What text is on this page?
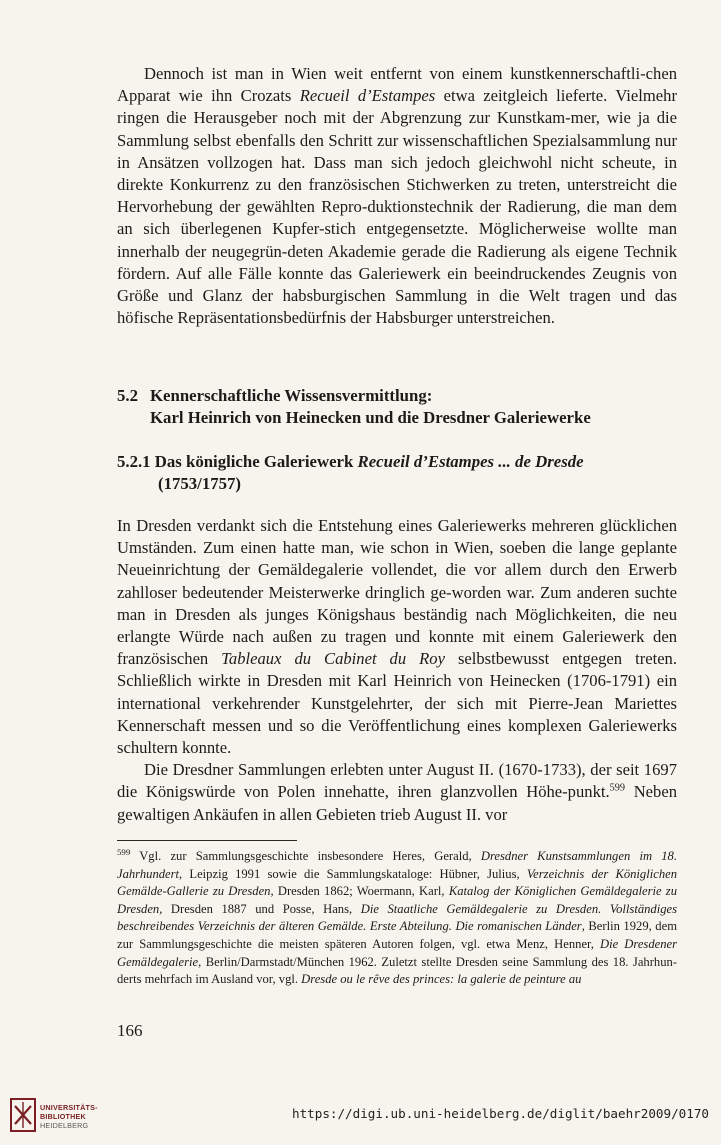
Dennoch ist man in Wien weit entfernt von einem kunstkennerschaftli-chen Apparat wie ihn Crozats Recueil d’Estampes etwa zeitgleich lieferte. Vielmehr ringen die Herausgeber noch mit der Abgrenzung zur Kunstkam-mer, wie ja die Sammlung selbst ebenfalls den Schritt zur wissenschaftlichen Spezialsammlung nur in Ansätzen vollzogen hat. Dass man sich jedoch gleichwohl nicht scheute, in direkte Konkurrenz zu den französischen Stichwerken zu treten, unterstreicht die Hervorhebung der gewählten Repro-duktionstechnik der Radierung, die man dem an sich überlegenen Kupfer-stich entgegensetzte. Möglicherweise wollte man innerhalb der neugegrün-deten Akademie gerade die Radierung als eigene Technik fördern. Auf alle Fälle konnte das Galeriewerk ein beeindruckendes Zeugnis von Größe und Glanz der habsburgischen Sammlung in die Welt tragen und das höfische Repräsentationsbedürfnis der Habsburger unterstreichen.

5.2 Kennerschaftliche Wissensvermittlung:
Karl Heinrich von Heinecken und die Dresdner Galeriewerke
5.2.1 Das königliche Galeriewerk Recueil d’Estampes ... de Dresde
(1753/1757)

In Dresden verdankt sich die Entstehung eines Galeriewerks mehreren glücklichen Umständen. Zum einen hatte man, wie schon in Wien, soeben die lange geplante Neueinrichtung der Gemäldegalerie vollendet, die vor allem durch den Erwerb zahlloser bedeutender Meisterwerke dringlich ge-worden war. Zum anderen suchte man in Dresden als junges Königshaus beständig nach Möglichkeiten, die neu erlangte Würde nach außen zu tragen und konnte mit einem Galeriewerk den französischen Tableaux du Cabinet du Roy selbstbewusst entgegen treten. Schließlich wirkte in Dresden mit Karl Heinrich von Heinecken (1706-1791) ein international verkehrender Kunstgelehrter, der sich mit Pierre-Jean Mariettes Kennerschaft messen und so die Veröffentlichung eines komplexen Galeriewerks schultern konnte.

Die Dresdner Sammlungen erlebten unter August II. (1670-1733), der seit 1697 die Königswürde von Polen innehatte, ihren glanzvollen Höhe-punkt.$^{599}$ Neben gewaltigen Ankäufen in allen Gebieten trieb August II. vor

$^{599}$ Vgl. zur Sammlungsgeschichte insbesondere Heres, Gerald, Dresdner Kunstsammlungen im 18. Jahrhundert, Leipzig 1991 sowie die Sammlungskataloge: Hübner, Julius, Verzeichnis der Königlichen Gemälde-Gallerie zu Dresden, Dresden 1862; Woermann, Karl, Katalog der Königlichen Gemäldegalerie zu Dresden, Dresden 1887 und Posse, Hans, Die Staatliche Gemäldegalerie zu Dresden. Vollständiges beschreibendes Verzeichnis der älteren Gemälde. Erste Abteilung. Die romanischen Länder, Berlin 1929, dem zur Sammlungsgeschichte die meisten späteren Autoren folgen, vgl. etwa Menz, Henner, Die Dresdener Gemäldegalerie, Berlin/Darmstadt/München 1962. Zuletzt stellte Dresden seine Sammlung des 18. Jahrhun-derts mehrfach im Ausland vor, vgl. Dresde ou le rêve des princes: la galerie de peinture au

166
UNIVERSITÄTS-
BIBLIOTHEK
HEIDELBERG
https://digi.ub.uni-heidelberg.de/diglit/baehr2009/0170
